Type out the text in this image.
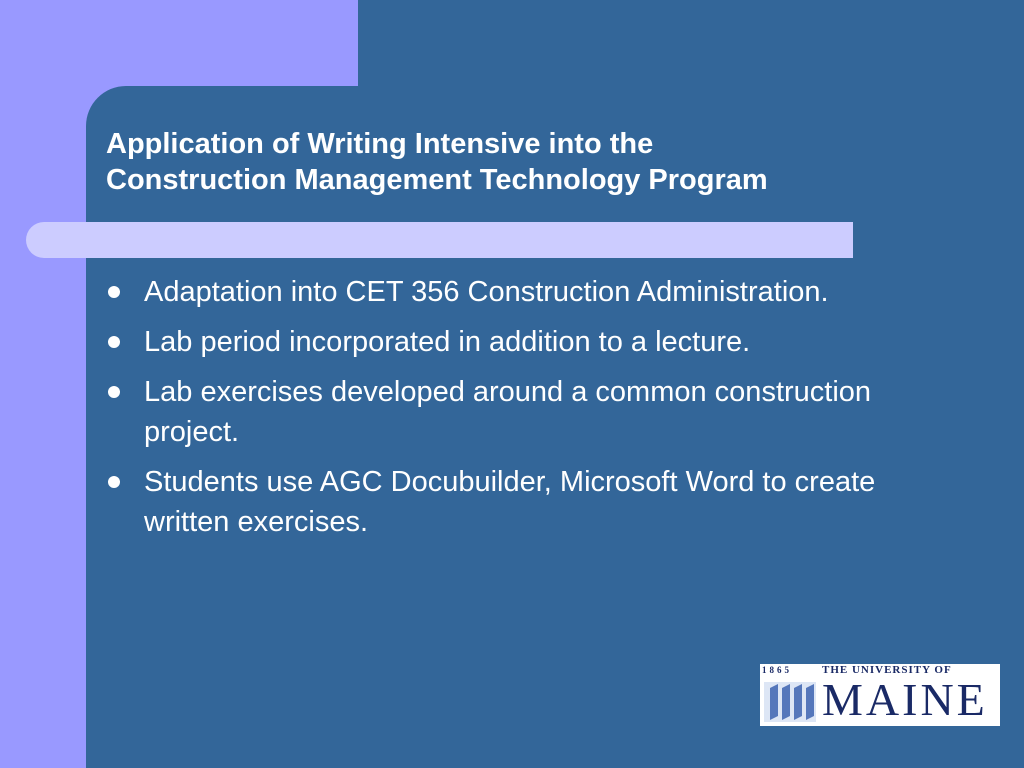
Application of Writing Intensive into the
Construction Management Technology Program
Adaptation into CET 356 Construction Administration.
Lab period incorporated in addition to a lecture.
Lab exercises developed around a common construction project.
Students use AGC Docubuilder, Microsoft Word to create written exercises.
1865	THE UNIVERSITY OF
MAINE
